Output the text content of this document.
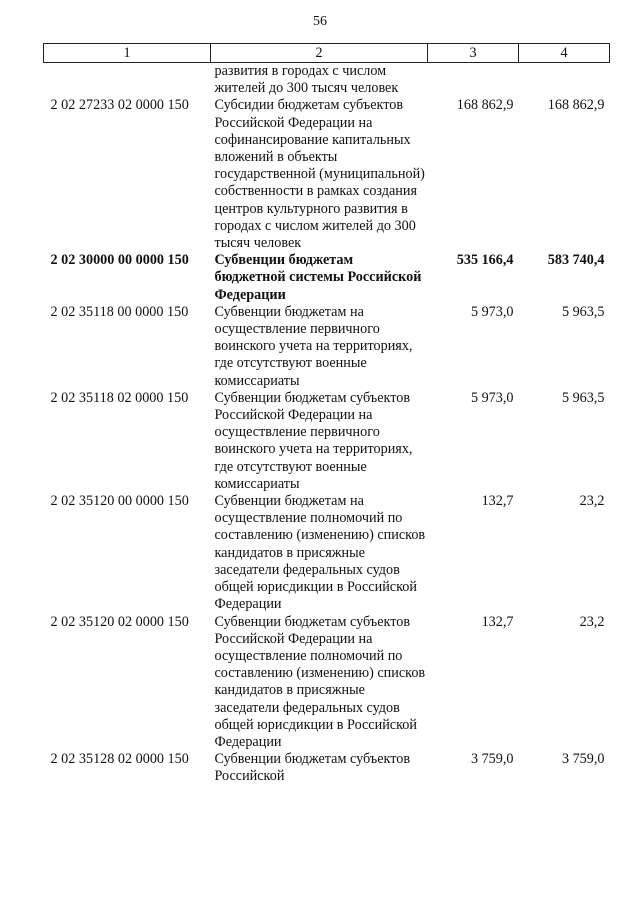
56
1	2	3	4
	развития в городах с числом жителей до 300 тысяч человек		
2 02 27233 02 0000 150	Субсидии бюджетам субъектов Российской Федерации на софинансирование капитальных вложений в объекты государственной (муниципальной) собственности в рамках создания центров культурного развития в городах с числом жителей до 300 тысяч человек	168 862,9	168 862,9
2 02 30000 00 0000 150	Субвенции бюджетам бюджетной системы Российской Федерации	535 166,4	583 740,4
2 02 35118 00 0000 150	Субвенции бюджетам на осуществление первичного воинского учета на территориях, где отсутствуют военные комиссариаты	5 973,0	5 963,5
2 02 35118 02 0000 150	Субвенции бюджетам субъектов Российской Федерации на осуществление первичного воинского учета на территориях, где отсутствуют военные комиссариаты	5 973,0	5 963,5
2 02 35120 00 0000 150	Субвенции бюджетам на осуществление полномочий по составлению (изменению) списков кандидатов в присяжные заседатели федеральных судов общей юрисдикции в Российской Федерации	132,7	23,2
2 02 35120 02 0000 150	Субвенции бюджетам субъектов Российской Федерации на осуществление полномочий по составлению (изменению) списков кандидатов в присяжные заседатели федеральных судов общей юрисдикции в Российской Федерации	132,7	23,2
2 02 35128 02 0000 150	Субвенции бюджетам субъектов Российской	3 759,0	3 759,0
